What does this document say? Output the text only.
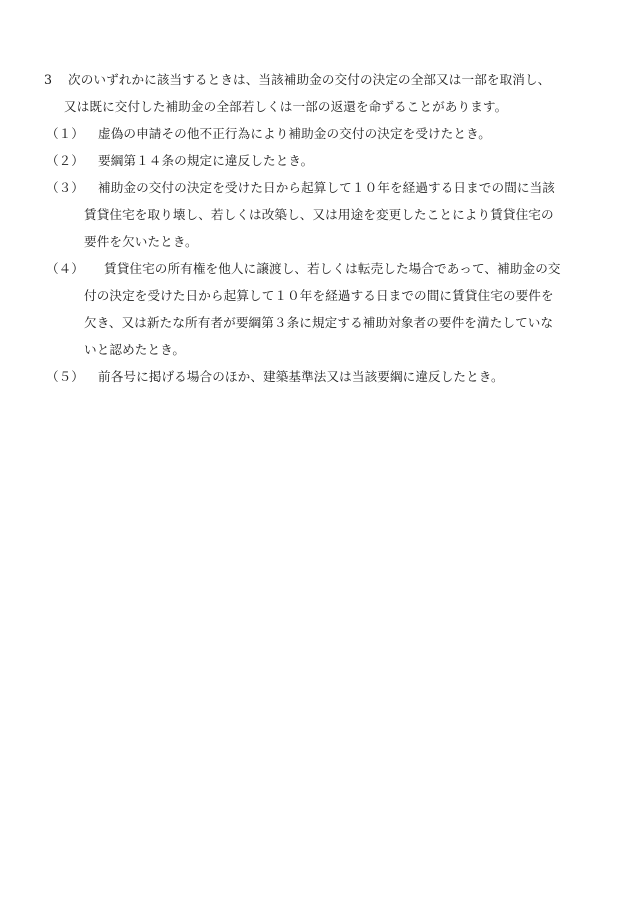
3 次のいずれかに該当するときは、当該補助金の交付の決定の全部又は一部を取消し、
又は既に交付した補助金の全部若しくは一部の返還を命ずることがあります。
（１） 虚偽の申請その他不正行為により補助金の交付の決定を受けたとき。
（２） 要綱第１４条の規定に違反したとき。
（３） 補助金の交付の決定を受けた日から起算して１０年を経過する日までの間に当該
賃貸住宅を取り壊し、若しくは改築し、又は用途を変更したことにより賃貸住宅の
要件を欠いたとき。
（４） 賃貸住宅の所有権を他人に譲渡し、若しくは転売した場合であって、補助金の交
付の決定を受けた日から起算して１０年を経過する日までの間に賃貸住宅の要件を
欠き、又は新たな所有者が要綱第３条に規定する補助対象者の要件を満たしていな
いと認めたとき。
（５） 前各号に掲げる場合のほか、建築基準法又は当該要綱に違反したとき。
